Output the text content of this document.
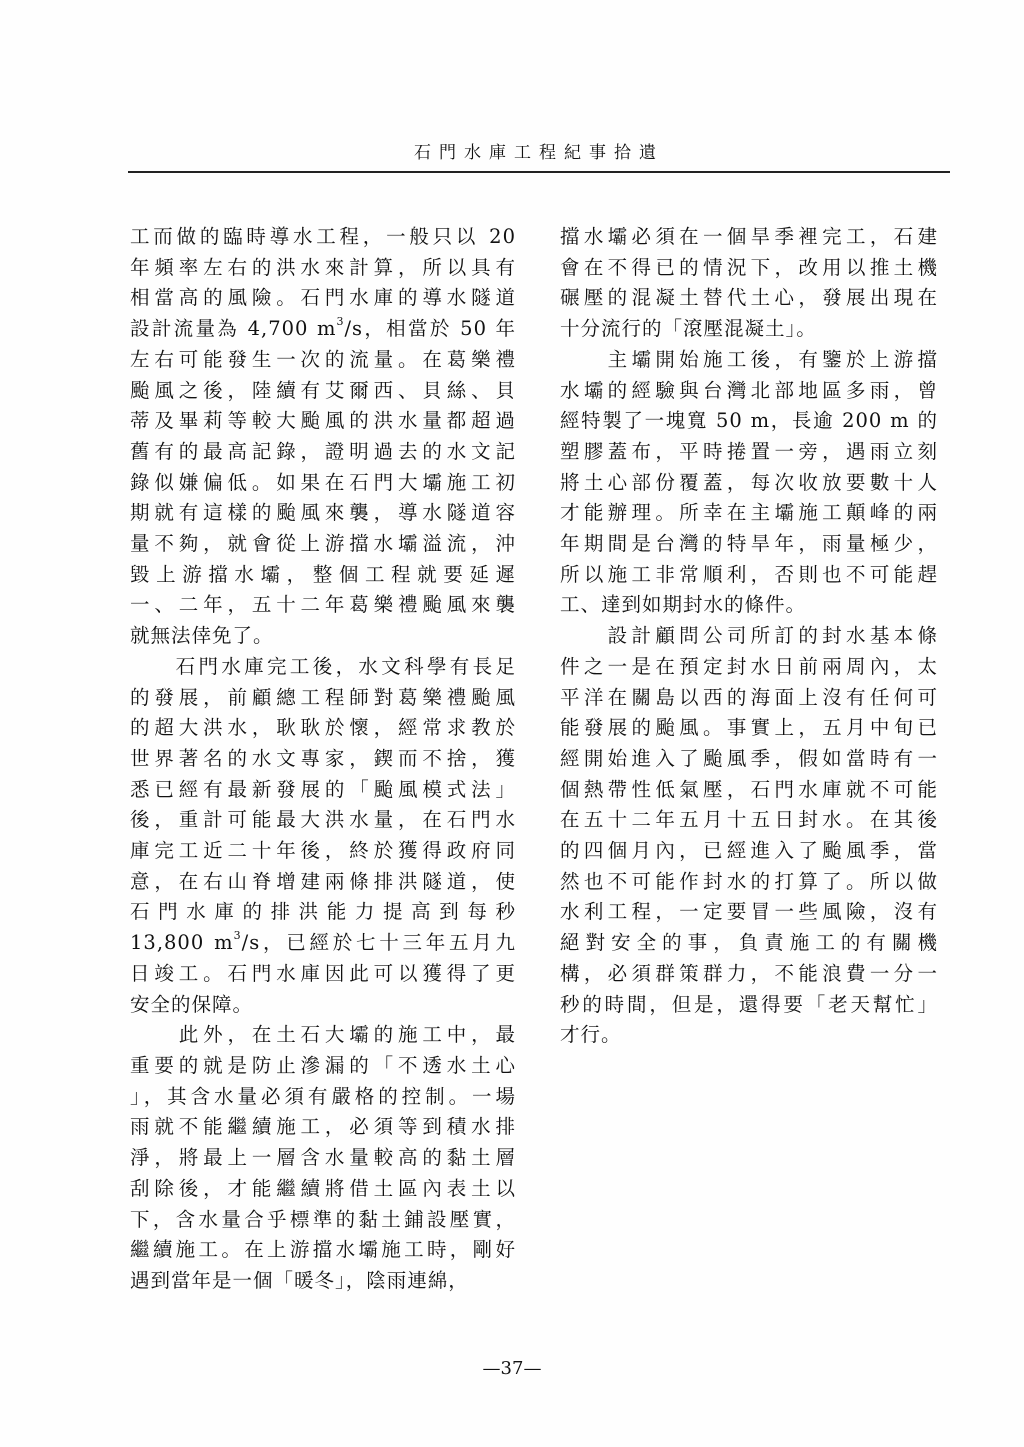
石門水庫工程紀事拾遺
工而做的臨時導水工程，一般只以 20
年頻率左右的洪水來計算，所以具有
相當高的風險。石門水庫的導水隧道
設計流量為 4,700 $m^3/s$，相當於 50 年
左右可能發生一次的流量。在葛樂禮
颱風之後，陸續有艾爾西、貝絲、貝
蒂及畢莉等較大颱風的洪水量都超過
舊有的最高記錄，證明過去的水文記
錄似嫌偏低。如果在石門大壩施工初
期就有這樣的颱風來襲，導水隧道容
量不夠，就會從上游擋水壩溢流，沖
毀上游擋水壩，整個工程就要延遲
一、二年，五十二年葛樂禮颱風來襲
就無法倖免了。
　　石門水庫完工後，水文科學有長足
的發展，前顧總工程師對葛樂禮颱風
的超大洪水，耿耿於懷，經常求教於
世界著名的水文專家，鍥而不捨，獲
悉已經有最新發展的「颱風模式法」
後，重計可能最大洪水量，在石門水
庫完工近二十年後，終於獲得政府同
意，在右山脊增建兩條排洪隧道，使
石門水庫的排洪能力提高到每秒
13,800 $m^3/s$，已經於七十三年五月九
日竣工。石門水庫因此可以獲得了更
安全的保障。
　　此外，在土石大壩的施工中，最
重要的就是防止滲漏的「不透水土心
」，其含水量必須有嚴格的控制。一場
雨就不能繼續施工，必須等到積水排
淨，將最上一層含水量較高的黏土層
刮除後，才能繼續將借土區內表土以
下，含水量合乎標準的黏土鋪設壓實，
繼續施工。在上游擋水壩施工時，剛好
遇到當年是一個「暖冬」，陰雨連綿，
擋水壩必須在一個旱季裡完工，石建
會在不得已的情況下，改用以推土機
碾壓的混凝土替代土心，發展出現在
十分流行的「滾壓混凝土」。
　　主壩開始施工後，有鑒於上游擋
水壩的經驗與台灣北部地區多雨，曾
經特製了一塊寬 50 m，長逾 200 m 的
塑膠蓋布，平時捲置一旁，遇雨立刻
將土心部份覆蓋，每次收放要數十人
才能辦理。所幸在主壩施工顛峰的兩
年期間是台灣的特旱年，雨量極少，
所以施工非常順利，否則也不可能趕
工、達到如期封水的條件。
　　設計顧問公司所訂的封水基本條
件之一是在預定封水日前兩周內，太
平洋在關島以西的海面上沒有任何可
能發展的颱風。事實上，五月中旬已
經開始進入了颱風季，假如當時有一
個熱帶性低氣壓，石門水庫就不可能
在五十二年五月十五日封水。在其後
的四個月內，已經進入了颱風季，當
然也不可能作封水的打算了。所以做
水利工程，一定要冒一些風險，沒有
絕對安全的事，負責施工的有關機
構，必須群策群力，不能浪費一分一
秒的時間，但是，還得要「老天幫忙」
才行。
—37—
